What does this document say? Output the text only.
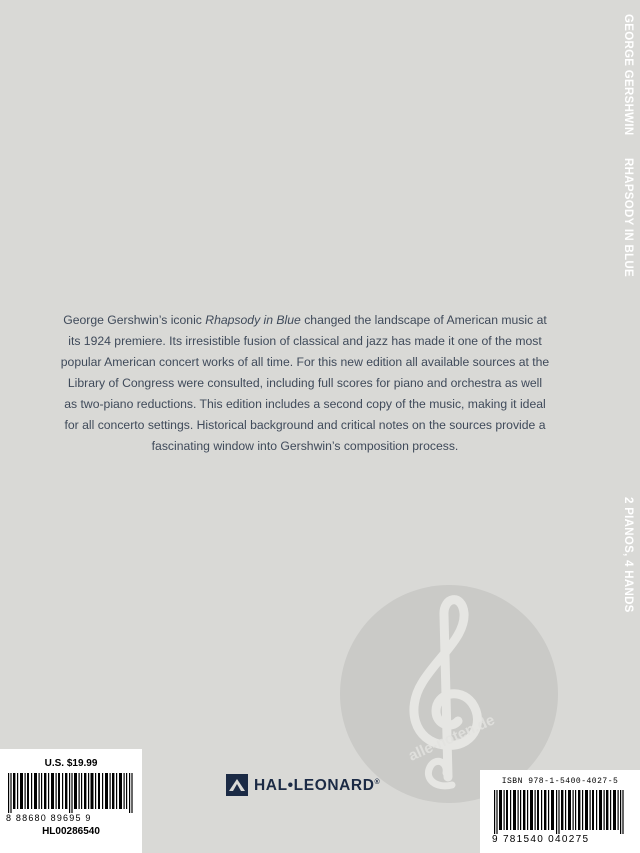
GEORGE GERSHWIN
RHAPSODY IN BLUE
2 PIANOS, 4 HANDS
George Gershwin’s iconic Rhapsody in Blue changed the landscape of American music at its 1924 premiere. Its irresistible fusion of classical and jazz has made it one of the most popular American concert works of all time. For this new edition all available sources at the Library of Congress were consulted, including full scores for piano and orchestra as well as two-piano reductions. This edition includes a second copy of the music, making it ideal for all concerto settings. Historical background and critical notes on the sources provide a fascinating window into Gershwin’s composition process.
alle-noten.de
U.S. $19.99
8 88680 89695 9
HL00286540
HAL•LEONARD®	ISBN 978-1-5400-4027-5
9 781540 040275
